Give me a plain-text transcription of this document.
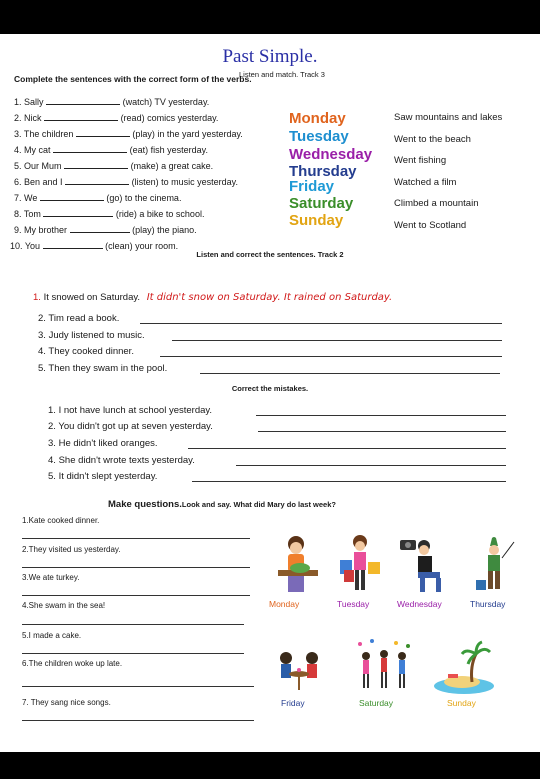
Past Simple.
Complete the sentences with the correct form of the verbs.
Listen and match. Track 3
1. Sally	(watch) TV yesterday.
2. Nick	(read) comics yesterday.
3. The children	(play) in the yard yesterday.
4. My cat	(eat) fish yesterday.
5. Our Mum	(make) a great cake.
6. Ben and I	(listen) to music yesterday.
7. We	(go) to the cinema.
8. Tom	(ride) a bike to school.
9. My brother	(play) the piano.
10. You	(clean) your room.
Monday
Tuesday
Wednesday
Thursday
Friday
Saturday
Sunday
Saw mountains and lakes
Went to the beach
Went fishing
Watched a film
Climbed a mountain
Went to Scotland
Listen and correct the sentences. Track 2
1. It snowed on Saturday. It didn't snow on Saturday. It rained on Saturday.
2. Tim read a book.
3. Judy listened to music.
4. They cooked dinner.
5. Then they swam in the pool.
Correct the mistakes.
1. I not have lunch at school yesterday.
2. You didn't got up at seven yesterday.
3. He didn't liked oranges.
4. She didn't wrote texts yesterday.
5. It didn't slept yesterday.
Make questions.Look and say. What did Mary do last week?
1.Kate cooked dinner.
2.They visited us yesterday.
3.We ate turkey.
4.She swam in the sea!
5.I made a cake.
6.The children woke up late.
7. They sang nice songs.
Monday	Tuesday	Wednesday	Thursday
Friday	Saturday	Sunday
